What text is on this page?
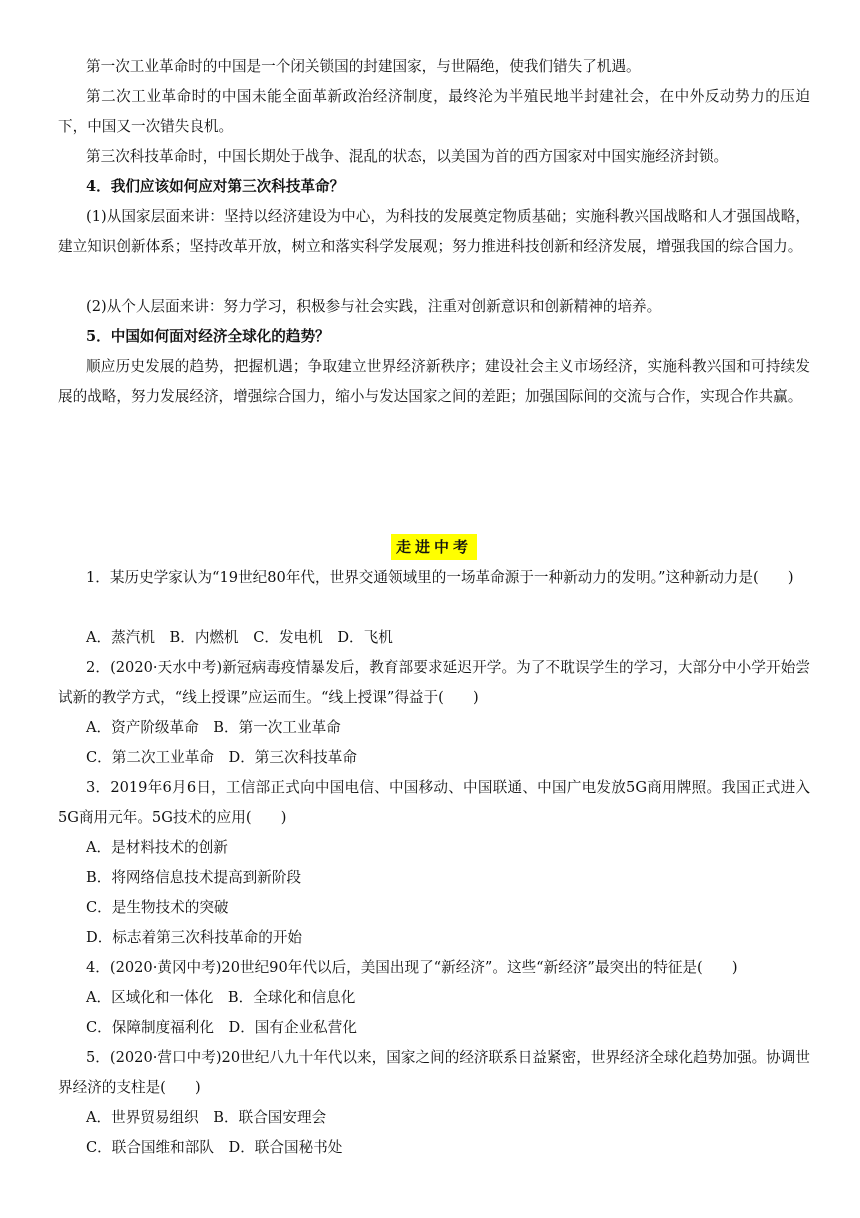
第一次工业革命时的中国是一个闭关锁国的封建国家，与世隔绝，使我们错失了机遇。

第二次工业革命时的中国未能全面革新政治经济制度，最终沦为半殖民地半封建社会，在中外反动势力的压迫下，中国又一次错失良机。

第三次科技革命时，中国长期处于战争、混乱的状态，以美国为首的西方国家对中国实施经济封锁。

4．我们应该如何应对第三次科技革命？

(1)从国家层面来讲：坚持以经济建设为中心，为科技的发展奠定物质基础；实施科教兴国战略和人才强国战略，建立知识创新体系；坚持改革开放，树立和落实科学发展观；努力推进科技创新和经济发展，增强我国的综合国力。

(2)从个人层面来讲：努力学习，积极参与社会实践，注重对创新意识和创新精神的培养。

5．中国如何面对经济全球化的趋势？

顺应历史发展的趋势，把握机遇；争取建立世界经济新秩序；建设社会主义市场经济，实施科教兴国和可持续发展的战略，努力发展经济，增强综合国力，缩小与发达国家之间的差距；加强国际间的交流与合作，实现合作共赢。

走进中考

1．某历史学家认为“19世纪80年代，世界交通领域里的一场革命源于一种新动力的发明。”这种新动力是(　　)

A．蒸汽机　B．内燃机　C．发电机　D．飞机

2．(2020·天水中考)新冠病毒疫情暴发后，教育部要求延迟开学。为了不耽误学生的学习，大部分中小学开始尝试新的教学方式，“线上授课”应运而生。“线上授课”得益于(　　)

A．资产阶级革命　B．第一次工业革命

C．第二次工业革命　D．第三次科技革命

3．2019年6月6日，工信部正式向中国电信、中国移动、中国联通、中国广电发放5G商用牌照。我国正式进入5G商用元年。5G技术的应用(　　)

A．是材料技术的创新

B．将网络信息技术提高到新阶段

C．是生物技术的突破

D．标志着第三次科技革命的开始

4．(2020·黄冈中考)20世纪90年代以后，美国出现了“新经济”。这些“新经济”最突出的特征是(　　)

A．区域化和一体化　B．全球化和信息化

C．保障制度福利化　D．国有企业私营化

5．(2020·营口中考)20世纪八九十年代以来，国家之间的经济联系日益紧密，世界经济全球化趋势加强。协调世界经济的支柱是(　　)

A．世界贸易组织　B．联合国安理会

C．联合国维和部队　D．联合国秘书处
